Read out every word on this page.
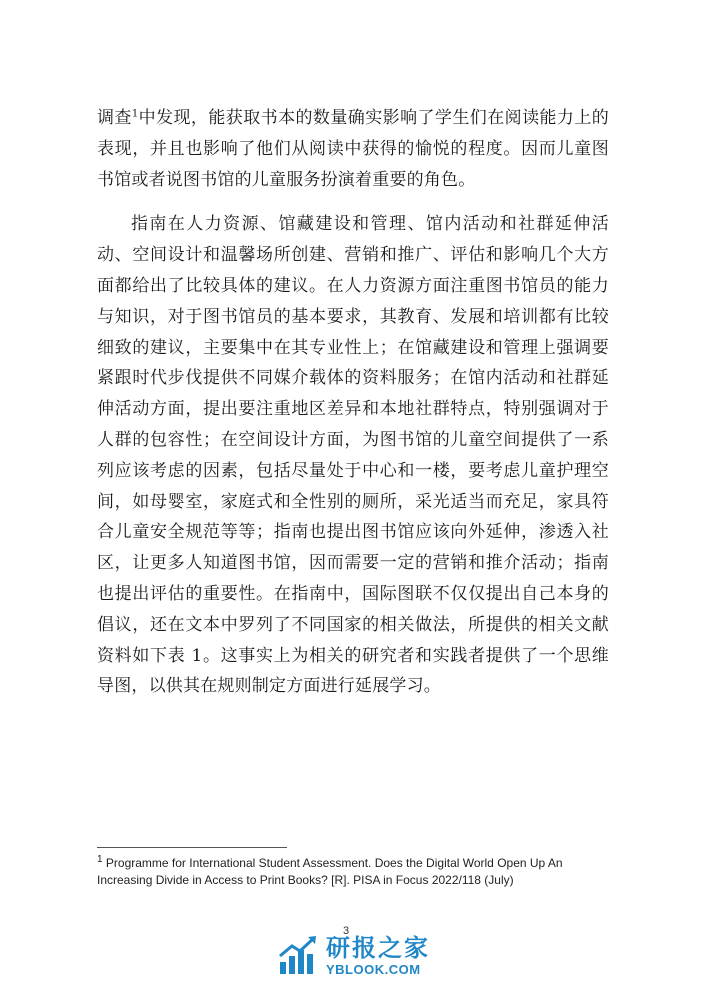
调查$^1$中发现，能获取书本的数量确实影响了学生们在阅读能力上的表现，并且也影响了他们从阅读中获得的愉悦的程度。因而儿童图书馆或者说图书馆的儿童服务扮演着重要的角色。

指南在人力资源、馆藏建设和管理、馆内活动和社群延伸活动、空间设计和温馨场所创建、营销和推广、评估和影响几个大方面都给出了比较具体的建议。在人力资源方面注重图书馆员的能力与知识，对于图书馆员的基本要求，其教育、发展和培训都有比较细致的建议，主要集中在其专业性上；在馆藏建设和管理上强调要紧跟时代步伐提供不同媒介载体的资料服务；在馆内活动和社群延伸活动方面，提出要注重地区差异和本地社群特点，特别强调对于人群的包容性；在空间设计方面，为图书馆的儿童空间提供了一系列应该考虑的因素，包括尽量处于中心和一楼，要考虑儿童护理空间，如母婴室，家庭式和全性别的厕所，采光适当而充足，家具符合儿童安全规范等等；指南也提出图书馆应该向外延伸，渗透入社区，让更多人知道图书馆，因而需要一定的营销和推介活动；指南也提出评估的重要性。在指南中，国际图联不仅仅提出自己本身的倡议，还在文本中罗列了不同国家的相关做法，所提供的相关文献资料如下表 1。这事实上为相关的研究者和实践者提供了一个思维导图，以供其在规则制定方面进行延展学习。

$^1$ Programme for International Student Assessment. Does the Digital World Open Up An Increasing Divide in Access to Print Books? [R]. PISA in Focus 2022/118 (July)
3
研报之家
YBLOOK.COM
